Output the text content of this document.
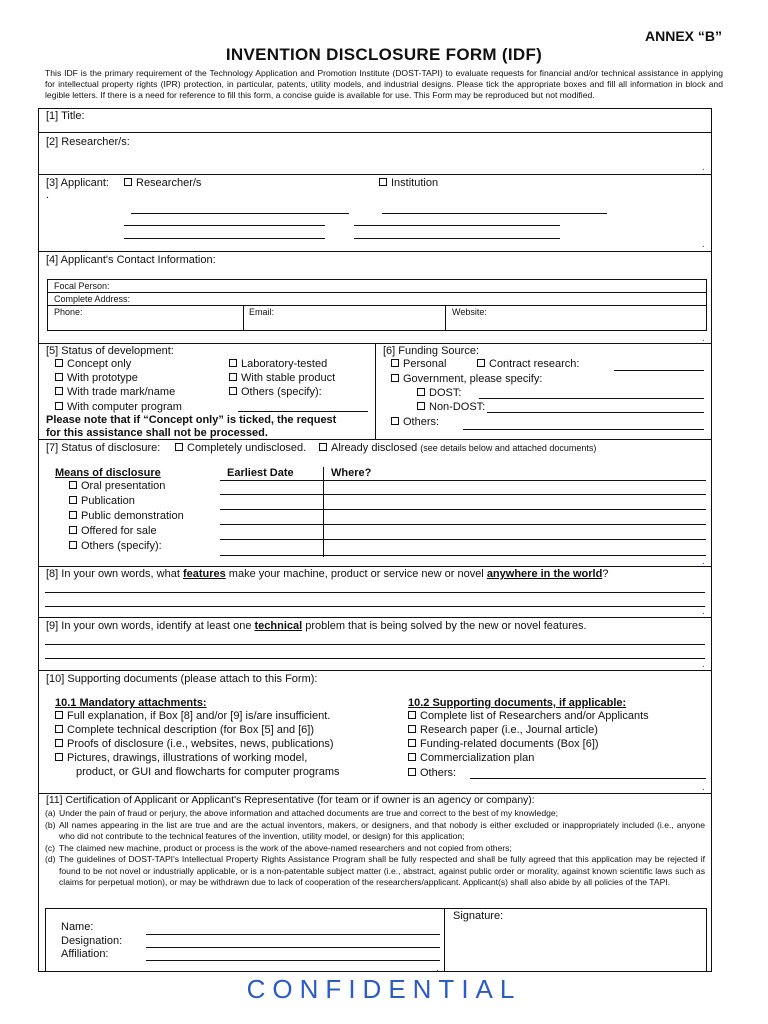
ANNEX “B”
INVENTION DISCLOSURE FORM (IDF)
This IDF is the primary requirement of the Technology Application and Promotion Institute (DOST-TAPI) to evaluate requests for financial and/or technical assistance in applying for intellectual property rights (IPR) protection, in particular, patents, utility models, and industrial designs. Please tick the appropriate boxes and fill all information in block and legible letters. If there is a need for reference to fill this form, a concise guide is available for use. This Form may be reproduced but not modified.
[1] Title:
[2] Researcher/s:
.
[3] Applicant:	Researcher/s	Institution
.
.
[4] Applicant's Contact Information:
Focal Person:
Complete Address:
Phone:	Email:	Website:
.
[5] Status of development:
Concept only
With prototype
With trade mark/name
With computer program
Laboratory-tested
With stable product
Others (specify):
Please note that if “Concept only” is ticked, the request
for this assistance shall not be processed.
[6] Funding Source:
Personal	Contract research:
Government, please specify:
DOST:
Non-DOST:
Others:
[7] Status of disclosure:	Completely undisclosed.	Already disclosed (see details below and attached documents)
Means of disclosure	Earliest Date	Where?
Oral presentation
Publication
Public demonstration
Offered for sale
Others (specify):
.
[8] In your own words, what features make your machine, product or service new or novel anywhere in the world?
.
[9] In your own words, identify at least one technical problem that is being solved by the new or novel features.
.
[10] Supporting documents (please attach to this Form):
10.1 Mandatory attachments:
Full explanation, if Box [8] and/or [9] is/are insufficient.
Complete technical description (for Box [5] and [6])
Proofs of disclosure (i.e., websites, news, publications)
Pictures, drawings, illustrations of working model,
product, or GUI and flowcharts for computer programs
10.2 Supporting documents, if applicable:
Complete list of Researchers and/or Applicants
Research paper (i.e., Journal article)
Funding-related documents (Box [6])
Commercialization plan
Others:
.
[11] Certification of Applicant or Applicant's Representative (for team or if owner is an agency or company):
(a) Under the pain of fraud or perjury, the above information and attached documents are true and correct to the best of my knowledge;
(b) All names appearing in the list are true and are the actual inventors, makers, or designers, and that nobody is either excluded or inappropriately included (i.e., anyone who did not contribute to the technical features of the invention, utility model, or design) for this application;
(c) The claimed new machine, product or process is the work of the above-named researchers and not copied from others;
(d) The guidelines of DOST-TAPI's Intellectual Property Rights Assistance Program shall be fully respected and shall be fully agreed that this application may be rejected if found to be not novel or industrially applicable, or is a non-patentable subject matter (i.e., abstract, against public order or morality, against known scientific laws such as claims for perpetual motion), or may be withdrawn due to lack of cooperation of the researchers/applicant. Applicant(s) shall also abide by all policies of the TAPI.
Name:
Designation:
Affiliation:
Signature:
.
CONFIDENTIAL
